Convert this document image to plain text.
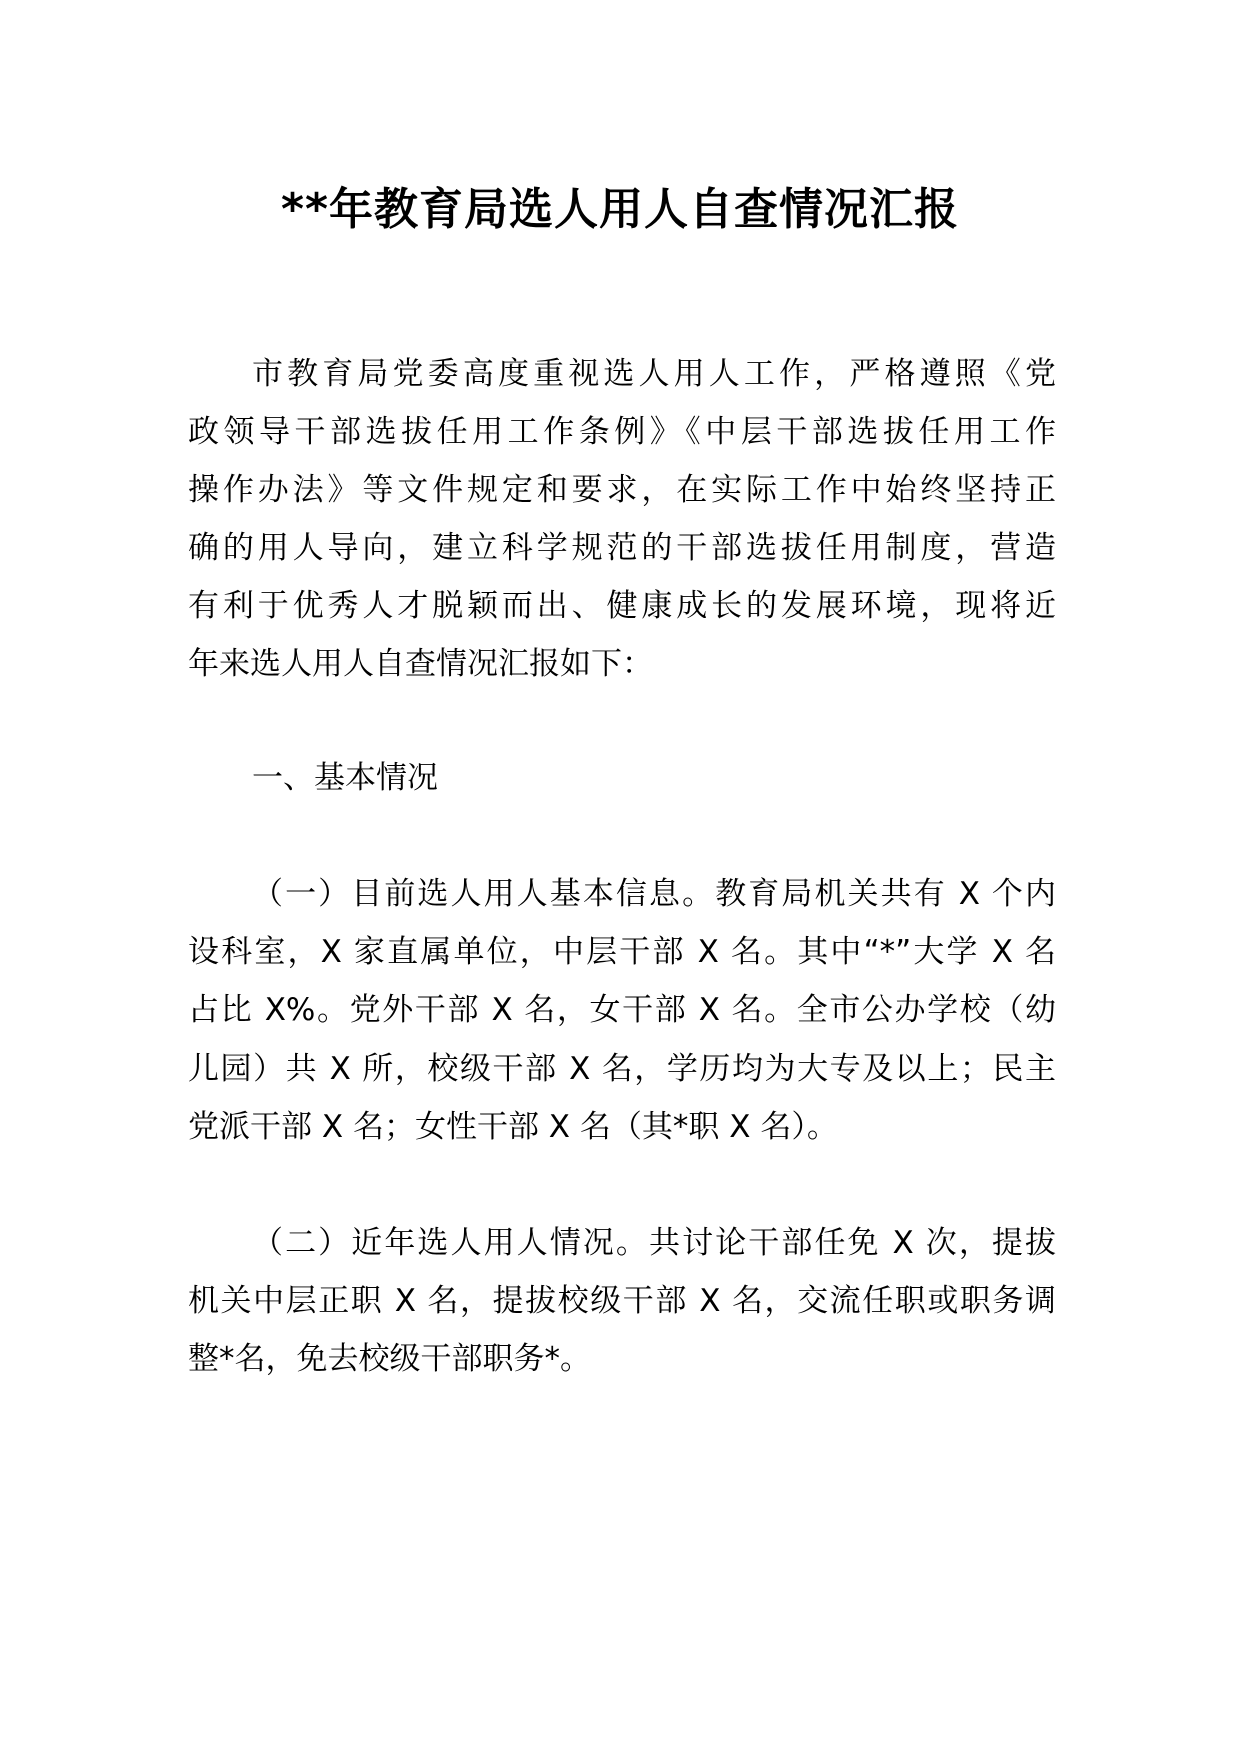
**年教育局选人用人自查情况汇报
市教育局党委高度重视选人用人工作，严格遵照《党
政领导干部选拔任用工作条例》《中层干部选拔任用工作
操作办法》等文件规定和要求，在实际工作中始终坚持正
确的用人导向，建立科学规范的干部选拔任用制度，营造
有利于优秀人才脱颖而出、健康成长的发展环境，现将近
年来选人用人自查情况汇报如下：
一、基本情况
（一）目前选人用人基本信息。教育局机关共有 X 个内
设科室，X 家直属单位，中层干部 X 名。其中“*”大学 X 名
占比 X%。党外干部 X 名，女干部 X 名。全市公办学校（幼
儿园）共 X 所，校级干部 X 名，学历均为大专及以上；民主
党派干部 X 名；女性干部 X 名（其*职 X 名）。
（二）近年选人用人情况。共讨论干部任免 X 次，提拔
机关中层正职 X 名，提拔校级干部 X 名，交流任职或职务调
整*名，免去校级干部职务*。
